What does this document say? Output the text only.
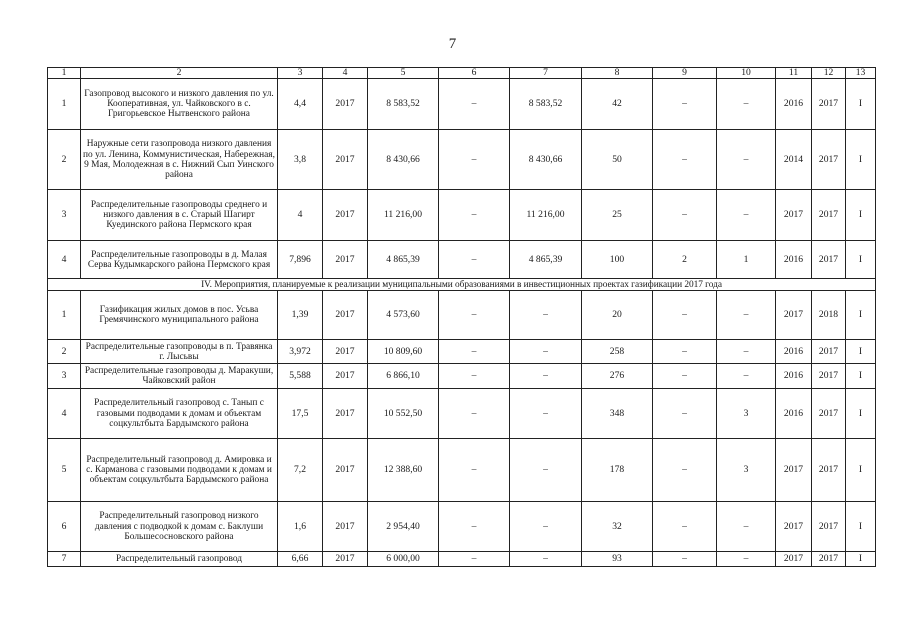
7
1	2	3	4	5	6	7	8	9	10	11	12	13
1	Газопровод высокого и низкого давления по ул. Кооперативная, ул. Чайковского в с. Григорьевское Нытвенского района	4,4	2017	8 583,52	–	8 583,52	42	–	–	2016	2017	I
2	Наружные сети газопровода низкого давления по ул. Ленина, Коммунистическая, Набережная, 9 Мая, Молодежная в с. Нижний Сып Уинского района	3,8	2017	8 430,66	–	8 430,66	50	–	–	2014	2017	I
3	Распределительные газопроводы среднего и низкого давления в с. Старый Шагирт Куединского района Пермского края	4	2017	11 216,00	–	11 216,00	25	–	–	2017	2017	I
4	Распределительные газопроводы в д. Малая Серва Кудымкарского района Пермского края	7,896	2017	4 865,39	–	4 865,39	100	2	1	2016	2017	I
IV. Мероприятия, планируемые к реализации муниципальными образованиями в инвестиционных проектах газификации 2017 года												
1	Газификация жилых домов в пос. Усьва Гремячинского муниципального района	1,39	2017	4 573,60	–	–	20	–	–	2017	2018	I
2	Распределительные газопроводы в п. Травянка г. Лысьвы	3,972	2017	10 809,60	–	–	258	–	–	2016	2017	I
3	Распределительные газопроводы д. Маракуши, Чайковский район	5,588	2017	6 866,10	–	–	276	–	–	2016	2017	I
4	Распределительный газопровод с. Танып с газовыми подводами к домам и объектам соцкультбыта Бардымского района	17,5	2017	10 552,50	–	–	348	–	3	2016	2017	I
5	Распределительный газопровод д. Амировка и с. Карманова с газовыми подводами к домам и объектам соцкультбыта Бардымского района	7,2	2017	12 388,60	–	–	178	–	3	2017	2017	I
6	Распределительный газопровод низкого давления с подводкой к домам с. Баклуши Большесосновского района	1,6	2017	2 954,40	–	–	32	–	–	2017	2017	I
7	Распределительный газопровод	6,66	2017	6 000,00	–	–	93	–	–	2017	2017	I
